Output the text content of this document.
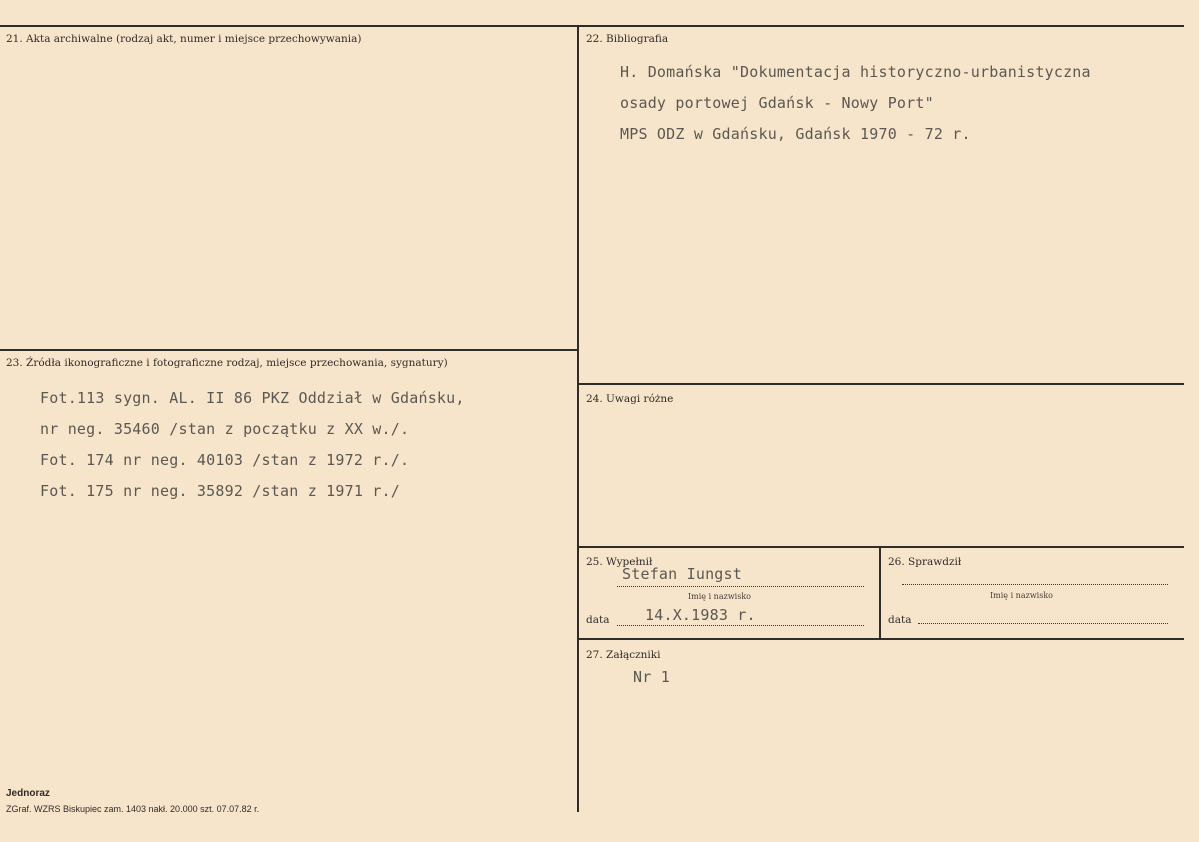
21. Akta archiwalne (rodzaj akt, numer i miejsce przechowywania)	22. Bibliografia
H. Domańska "Dokumentacja historyczno-urbanistyczna
osady portowej Gdańsk - Nowy Port"
MPS ODZ w Gdańsku, Gdańsk 1970 - 72 r.
23. Źródła ikonograficzne i fotograficzne rodzaj, miejsce przechowania, sygnatury)
Fot.113 sygn. AL. II 86 PKZ Oddział w Gdańsku,
nr neg. 35460 /stan z początku z XX w./.
Fot. 174 nr neg. 40103 /stan z 1972 r./.
Fot. 175 nr neg. 35892 /stan z 1971 r./
24. Uwagi różne
25. Wypełnił
Stefan Iungst
Imię i nazwisko
data 14.X.1983 r.
26. Sprawdził
Imię i nazwisko
data
27. Załączniki
Nr 1
Jednoraz
ZGraf. WZRS Biskupiec zam. 1403 nakł. 20.000 szt. 07.07.82 r.
